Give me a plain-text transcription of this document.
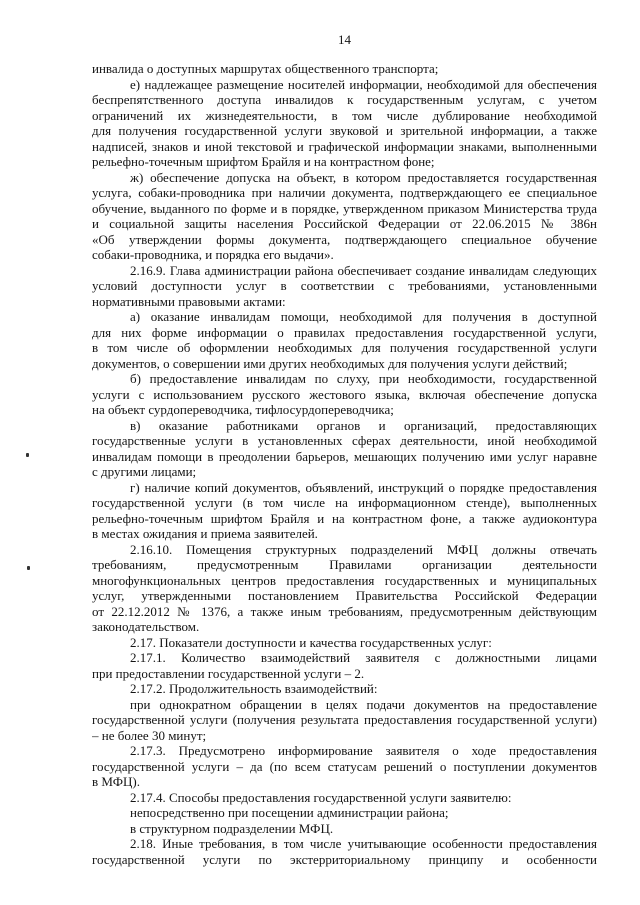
14
инвалида о доступных маршрутах общественного транспорта;
е) надлежащее размещение носителей информации, необходимой для обеспечения
беспрепятственного доступа инвалидов к государственным услугам, с учетом
ограничений их жизнедеятельности, в том числе дублирование необходимой
для получения государственной услуги звуковой и зрительной информации, а также
надписей, знаков и иной текстовой и графической информации знаками, выполненными
рельефно-точечным шрифтом Брайля и на контрастном фоне;
ж) обеспечение допуска на объект, в котором предоставляется государственная
услуга, собаки-проводника при наличии документа, подтверждающего ее специальное
обучение, выданного по форме и в порядке, утвержденном приказом Министерства труда
и социальной защиты населения Российской Федерации от 22.06.2015 № 386н
«Об утверждении формы документа, подтверждающего специальное обучение
собаки-проводника, и порядка его выдачи».
2.16.9. Глава администрации района обеспечивает создание инвалидам следующих
условий доступности услуг в соответствии с требованиями, установленными
нормативными правовыми актами:
а) оказание инвалидам помощи, необходимой для получения в доступной
для них форме информации о правилах предоставления государственной услуги,
в том числе об оформлении необходимых для получения государственной услуги
документов, о совершении ими других необходимых для получения услуги действий;
б) предоставление инвалидам по слуху, при необходимости, государственной
услуги с использованием русского жестового языка, включая обеспечение допуска
на объект сурдопереводчика, тифлосурдопереводчика;
в) оказание работниками органов и организаций, предоставляющих
государственные услуги в установленных сферах деятельности, иной необходимой
инвалидам помощи в преодолении барьеров, мешающих получению ими услуг наравне
с другими лицами;
г) наличие копий документов, объявлений, инструкций о порядке предоставления
государственной услуги (в том числе на информационном стенде), выполненных
рельефно-точечным шрифтом Брайля и на контрастном фоне, а также аудиоконтура
в местах ожидания и приема заявителей.
2.16.10. Помещения структурных подразделений МФЦ должны отвечать
требованиям, предусмотренным Правилами организации деятельности
многофункциональных центров предоставления государственных и муниципальных
услуг, утвержденными постановлением Правительства Российской Федерации
от 22.12.2012 № 1376, а также иным требованиям, предусмотренным действующим
законодательством.
2.17. Показатели доступности и качества государственных услуг:
2.17.1. Количество взаимодействий заявителя с должностными лицами
при предоставлении государственной услуги – 2.
2.17.2. Продолжительность взаимодействий:
при однократном обращении в целях подачи документов на предоставление
государственной услуги (получения результата предоставления государственной услуги)
– не более 30 минут;
2.17.3. Предусмотрено информирование заявителя о ходе предоставления
государственной услуги – да (по всем статусам решений о поступлении документов
в МФЦ).
2.17.4. Способы предоставления государственной услуги заявителю:
непосредственно при посещении администрации района;
в структурном подразделении МФЦ.
2.18. Иные требования, в том числе учитывающие особенности предоставления
государственной услуги по экстерриториальному принципу и особенности
